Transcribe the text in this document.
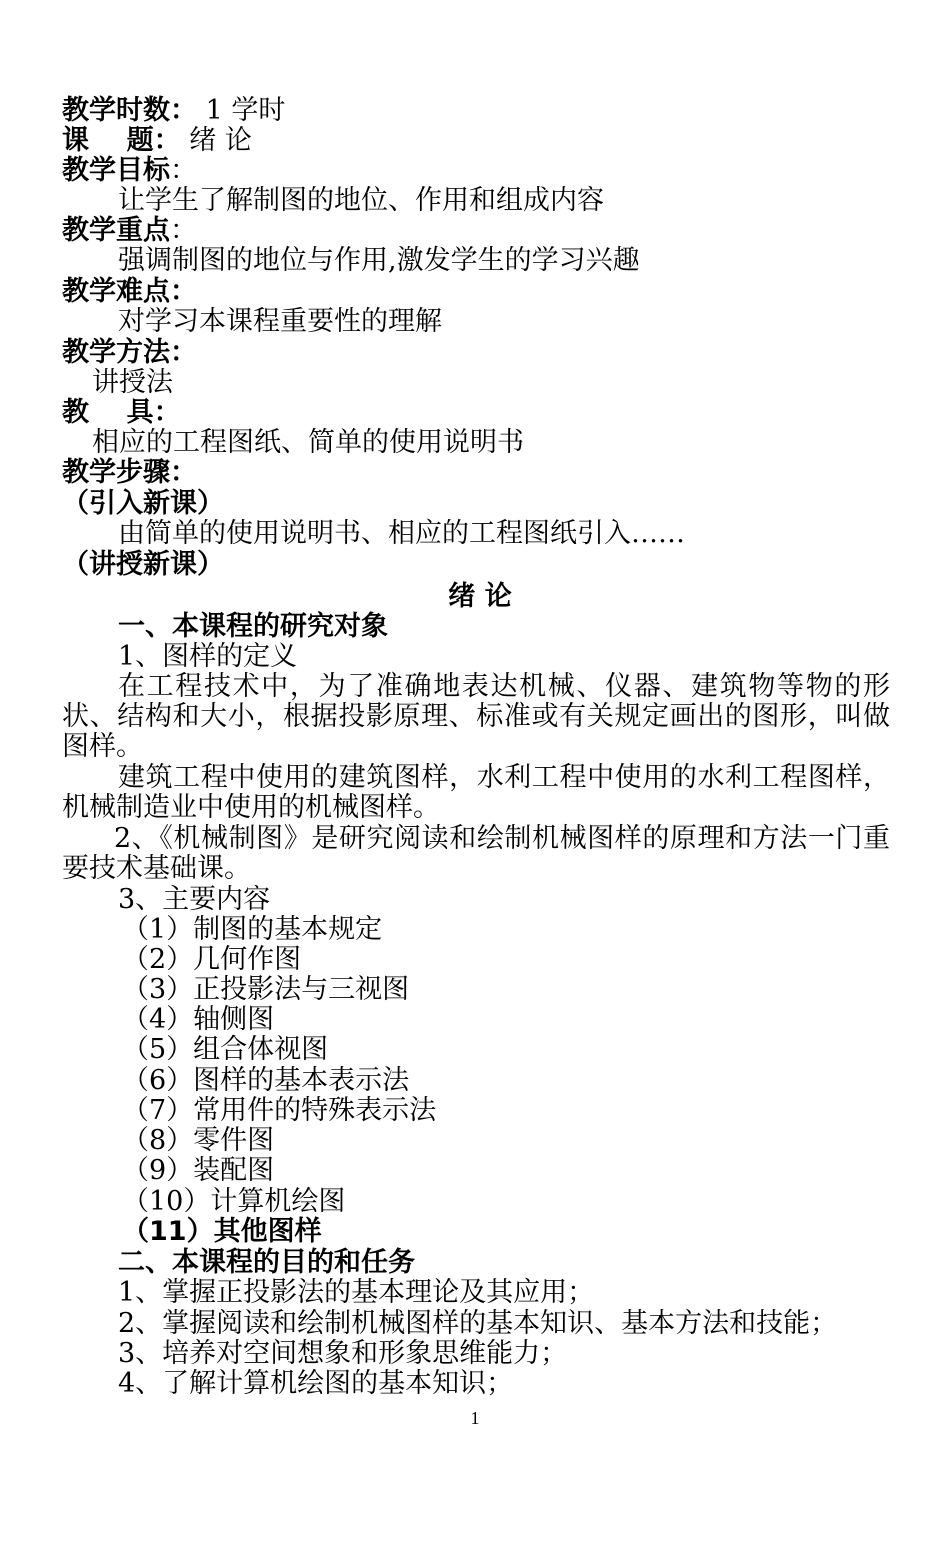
教学时数： 1 学时
课    题： 绪 论
教学目标：
让学生了解制图的地位、作用和组成内容
教学重点：
强调制图的地位与作用,激发学生的学习兴趣
教学难点：
对学习本课程重要性的理解
教学方法：
讲授法
教    具：
相应的工程图纸、简单的使用说明书
教学步骤：
（引入新课）
由简单的使用说明书、相应的工程图纸引入……
（讲授新课）
绪 论
一、本课程的研究对象
1、图样的定义
在工程技术中，为了准确地表达机械、仪器、建筑物等物的形状、结构和大小，根据投影原理、标准或有关规定画出的图形，叫做图样。
建筑工程中使用的建筑图样，水利工程中使用的水利工程图样，机械制造业中使用的机械图样。
2、《机械制图》是研究阅读和绘制机械图样的原理和方法一门重要技术基础课。
3、主要内容
（1）制图的基本规定
（2）几何作图
（3）正投影法与三视图
（4）轴侧图
（5）组合体视图
（6）图样的基本表示法
（7）常用件的特殊表示法
（8）零件图
（9）装配图
（10）计算机绘图
（11）其他图样
二、本课程的目的和任务
1、掌握正投影法的基本理论及其应用；
2、掌握阅读和绘制机械图样的基本知识、基本方法和技能；
3、培养对空间想象和形象思维能力；
4、了解计算机绘图的基本知识；
1
